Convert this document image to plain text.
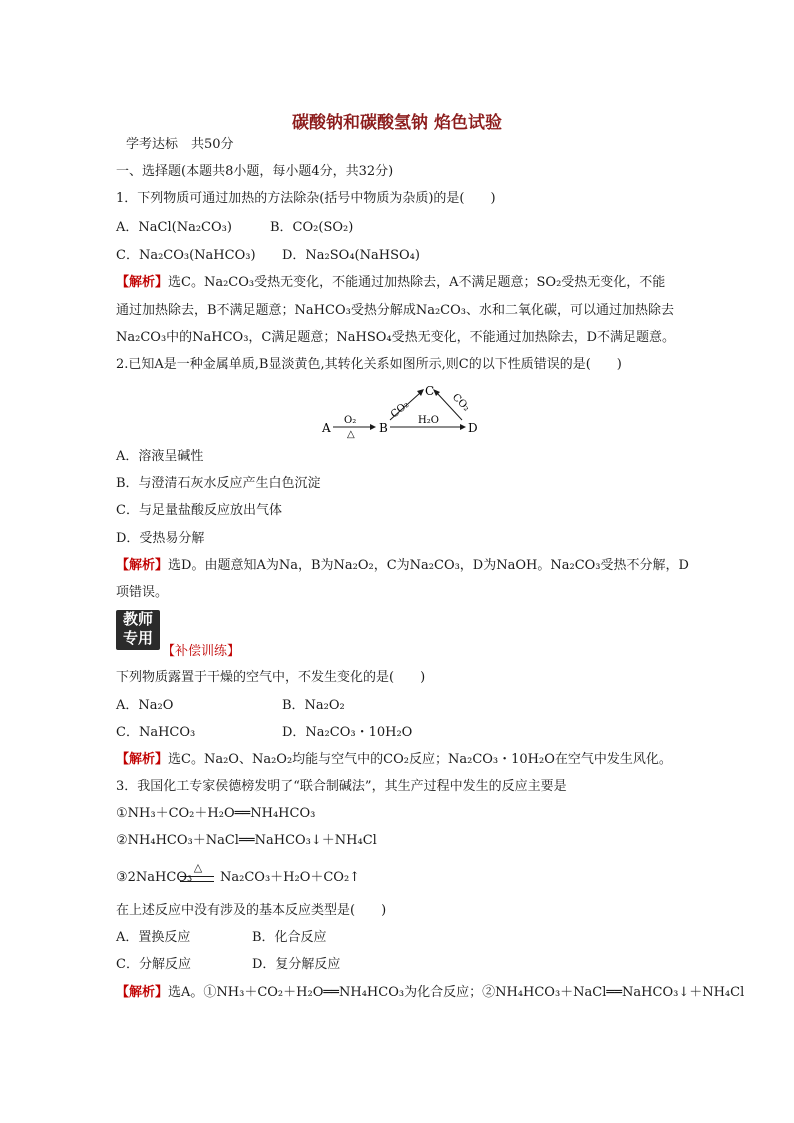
碳酸钠和碳酸氢钠 焰色试验
学考达标　共50分
一、选择题(本题共8小题，每小题4分，共32分)
1．下列物质可通过加热的方法除杂(括号中物质为杂质)的是(　　)
A．NaCl(Na₂CO₃)	B．CO₂(SO₂)
C．Na₂CO₃(NaHCO₃) D．Na₂SO₄(NaHSO₄)
【解析】选C。Na₂CO₃受热无变化，不能通过加热除去，A不满足题意；SO₂受热无变化，不能
通过加热除去，B不满足题意；NaHCO₃受热分解成Na₂CO₃、水和二氧化碳，可以通过加热除去
Na₂CO₃中的NaHCO₃，C满足题意；NaHSO₄受热无变化，不能通过加热除去，D不满足题意。
2.已知A是一种金属单质,B显淡黄色,其转化关系如图所示,则C的以下性质错误的是(　　)
A
O₂
△ B
CO₂
C
CO₂
H₂O
D
A．溶液呈碱性
B．与澄清石灰水反应产生白色沉淀
C．与足量盐酸反应放出气体
D．受热易分解
【解析】选D。由题意知A为Na，B为Na₂O₂，C为Na₂CO₃，D为NaOH。Na₂CO₃受热不分解，D
项错误。
教师
专用
【补偿训练】
下列物质露置于干燥的空气中，不发生变化的是(　　)
A．Na₂O	B．Na₂O₂
C．NaHCO₃	D．Na₂CO₃・10H₂O
【解析】选C。Na₂O、Na₂O₂均能与空气中的CO₂反应；Na₂CO₃・10H₂O在空气中发生风化。
3．我国化工专家侯德榜发明了“联合制碱法”，其生产过程中发生的反应主要是
①NH₃＋CO₂＋H₂O══NH₄HCO₃
②NH₄HCO₃＋NaCl══NaHCO₃↓＋NH₄Cl
③2NaHCO₃
△
Na₂CO₃＋H₂O＋CO₂↑
在上述反应中没有涉及的基本反应类型是(　　)
A．置换反应	B．化合反应
C．分解反应	D．复分解反应
【解析】选A。①NH₃＋CO₂＋H₂O══NH₄HCO₃为化合反应；②NH₄HCO₃＋NaCl══NaHCO₃↓＋NH₄Cl
